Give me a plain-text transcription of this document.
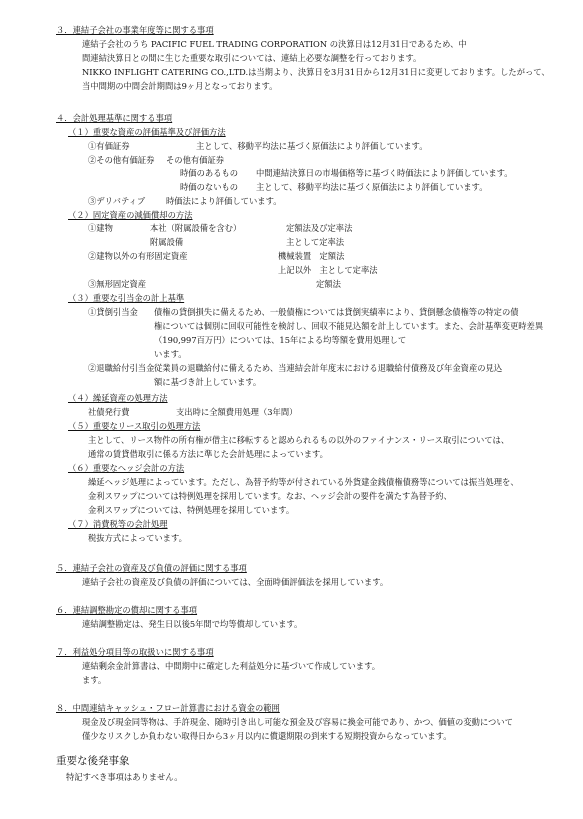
３．連結子会社の事業年度等に関する事項
連結子会社のうち PACIFIC FUEL TRADING CORPORATION の決算日は12月31日であるため、中
間連結決算日との間に生じた重要な取引については、連結上必要な調整を行っております。
NIKKO INFLIGHT CATERING CO.,LTD.は当期より、決算日を3月31日から12月31日に変更しております。したがって、
当中間期の中間会計期間は9ヶ月となっております。
４．会計処理基準に関する事項
（１）重要な資産の評価基準及び評価方法
①有価証券	主として、移動平均法に基づく原価法により評価しています。
②その他有価証券 その他有価証券
時価のあるもの 中間連結決算日の市場価格等に基づく時価法により評価しています。
時価のないもの 主として、移動平均法に基づく原価法により評価しています。
③デリバティブ	時価法により評価しています。
（２）固定資産の減価償却の方法
①建物	本社（附属設備を含む）	定額法及び定率法
附属設備	主として定率法
②建物以外の有形固定資産	機械装置　定額法
上記以外　主として定率法
③無形固定資産	定額法
（３）重要な引当金の計上基準
①貸倒引当金 債権の貸倒損失に備えるため、一般債権については貸倒実績率により、貸倒懸念債権等の特定の債
権については個別に回収可能性を検討し、回収不能見込額を計上しています。また、会計基準変更時差異
（190,997百万円）については、15年による均等額を費用処理して
います。
②退職給付引当金 従業員の退職給付に備えるため、当連結会計年度末における退職給付債務及び年金資産の見込
額に基づき計上しています。
（４）繰延資産の処理方法
社債発行費	支出時に全額費用処理（3年間）
（５）重要なリース取引の処理方法
主として、リース物件の所有権が借主に移転すると認められるもの以外のファイナンス・リース取引については、
通常の賃貸借取引に係る方法に準じた会計処理によっています。
（６）重要なヘッジ会計の方法
繰延ヘッジ処理によっています。ただし、為替予約等が付されている外貨建金銭債権債務等については振当処理を、
金利スワップについては特例処理を採用しています。なお、ヘッジ会計の要件を満たす為替予約、
金利スワップについては、特例処理を採用しています。
（７）消費税等の会計処理
税抜方式によっています。
５．連結子会社の資産及び負債の評価に関する事項
連結子会社の資産及び負債の評価については、全面時価評価法を採用しています。
６．連結調整勘定の償却に関する事項
連結調整勘定は、発生日以後5年間で均等償却しています。
７．利益処分項目等の取扱いに関する事項
連結剰余金計算書は、中間期中に確定した利益処分に基づいて作成しています。
ます。
８．中間連結キャッシュ・フロー計算書における資金の範囲
現金及び現金同等物は、手許現金、随時引き出し可能な預金及び容易に換金可能であり、かつ、価値の変動について
僅少なリスクしか負わない取得日から3ヶ月以内に償還期限の到来する短期投資からなっています。
重要な後発事象
特記すべき事項はありません。
